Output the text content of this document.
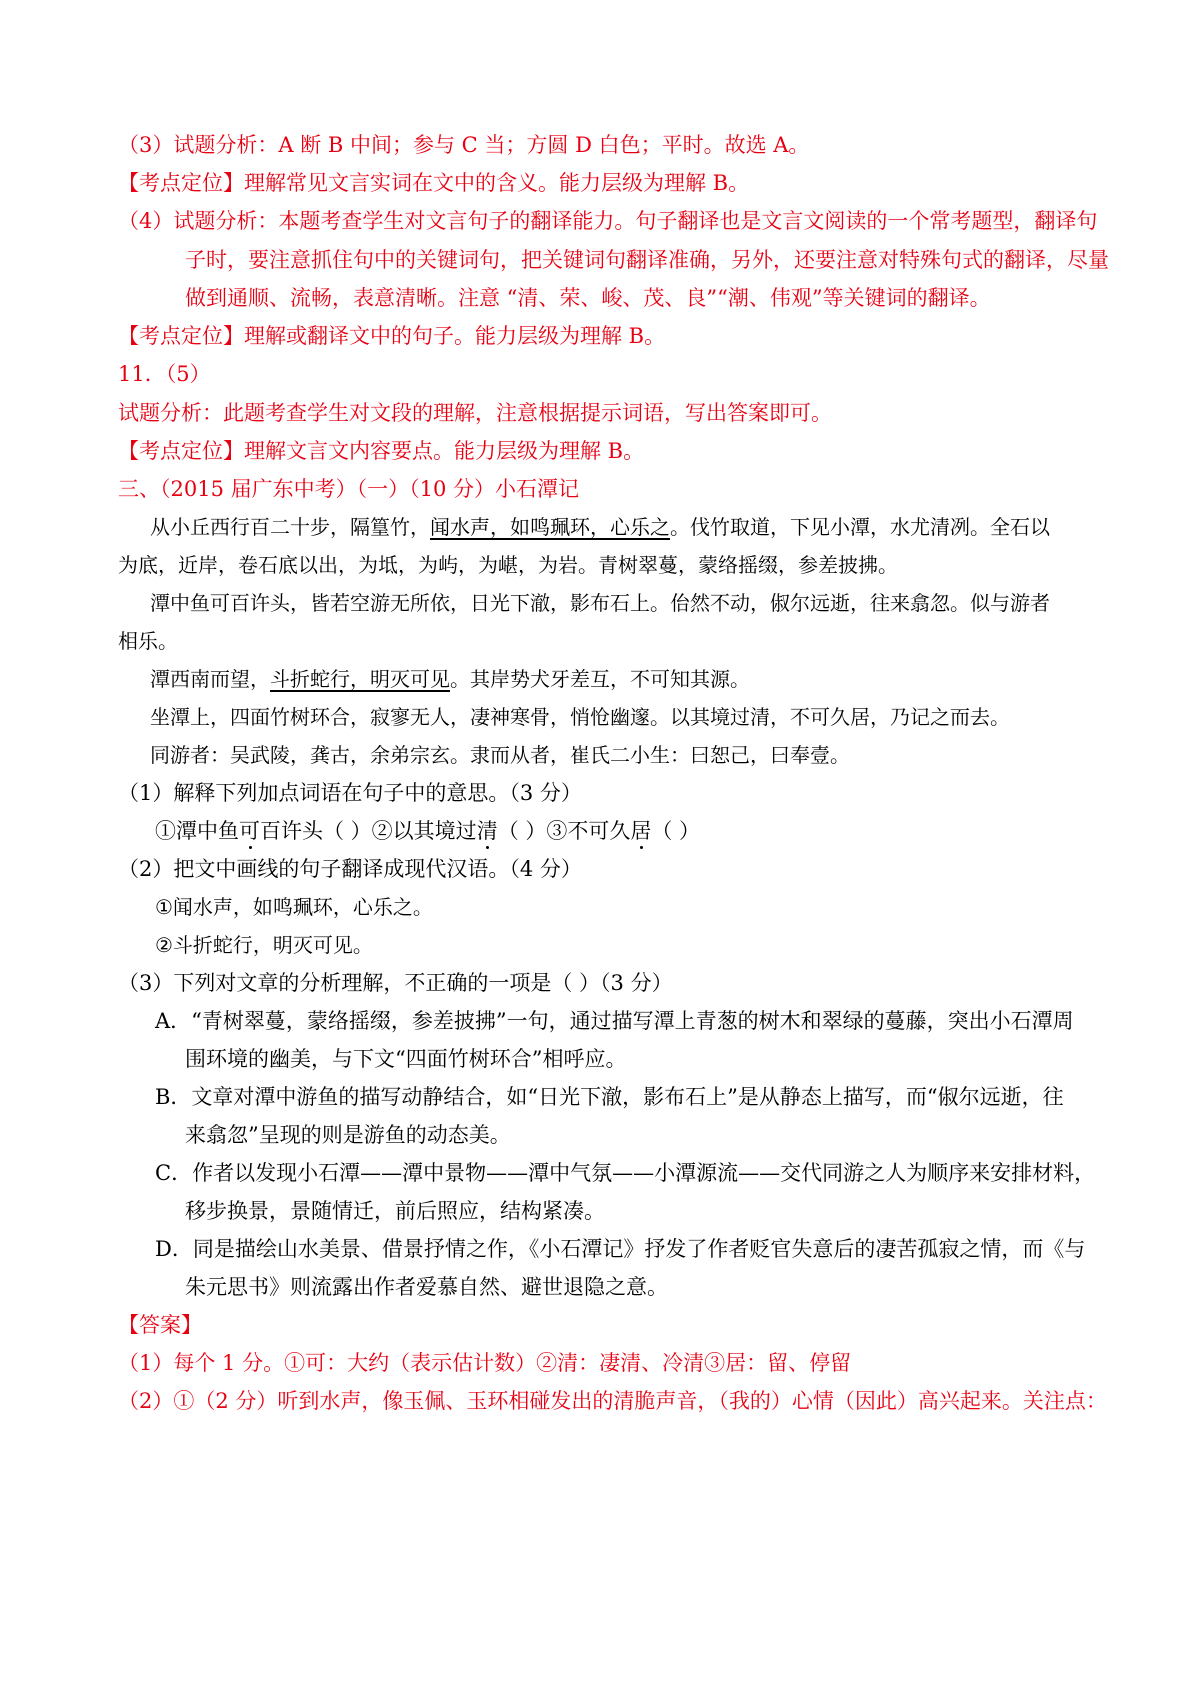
（3）试题分析：A 断 B 中间；参与 C 当；方圆 D 白色；平时。故选 A。
【考点定位】理解常见文言实词在文中的含义。能力层级为理解 B。
（4）试题分析：本题考查学生对文言句子的翻译能力。句子翻译也是文言文阅读的一个常考题型，翻译句
子时，要注意抓住句中的关键词句，把关键词句翻译准确，另外，还要注意对特殊句式的翻译，尽量
做到通顺、流畅，表意清晰。注意 “清、荣、峻、茂、良”“潮、伟观”等关键词的翻译。
【考点定位】理解或翻译文中的句子。能力层级为理解 B。
11．（5）
试题分析：此题考查学生对文段的理解，注意根据提示词语，写出答案即可。
【考点定位】理解文言文内容要点。能力层级为理解 B。
三、（2015 届广东中考）（一）（10 分）小石潭记
从小丘西行百二十步，隔篁竹，闻水声，如鸣珮环，心乐之。伐竹取道，下见小潭，水尤清冽。全石以
为底，近岸，卷石底以出，为坻，为屿，为嵁，为岩。青树翠蔓，蒙络摇缀，参差披拂。
潭中鱼可百许头，皆若空游无所依，日光下澈，影布石上。佁然不动，俶尔远逝，往来翕忽。似与游者
相乐。
潭西南而望，斗折蛇行，明灭可见。其岸势犬牙差互，不可知其源。
坐潭上，四面竹树环合，寂寥无人，凄神寒骨，悄怆幽邃。以其境过清，不可久居，乃记之而去。
同游者：吴武陵，龚古，余弟宗玄。隶而从者，崔氏二小生：曰恕己，曰奉壹。
（1）解释下列加点词语在句子中的意思。（3 分）
①潭中鱼可百许头（ ）②以其境过清（ ）③不可久居（ ）
（2）把文中画线的句子翻译成现代汉语。（4 分）
①闻水声，如鸣珮环，心乐之。
②斗折蛇行，明灭可见。
（3）下列对文章的分析理解，不正确的一项是（ ）（3 分）
A．“青树翠蔓，蒙络摇缀，参差披拂”一句，通过描写潭上青葱的树木和翠绿的蔓藤，突出小石潭周
围环境的幽美，与下文“四面竹树环合”相呼应。
B．文章对潭中游鱼的描写动静结合，如“日光下澈，影布石上”是从静态上描写，而“俶尔远逝，往
来翕忽”呈现的则是游鱼的动态美。
C．作者以发现小石潭——潭中景物——潭中气氛——小潭源流——交代同游之人为顺序来安排材料，
移步换景，景随情迁，前后照应，结构紧凑。
D．同是描绘山水美景、借景抒情之作，《小石潭记》抒发了作者贬官失意后的凄苦孤寂之情，而《与
朱元思书》则流露出作者爱慕自然、避世退隐之意。
【答案】
（1）每个 1 分。①可：大约（表示估计数）②清：凄清、冷清③居：留、停留
（2）①（2 分）听到水声，像玉佩、玉环相碰发出的清脆声音，（我的）心情（因此）高兴起来。关注点：
